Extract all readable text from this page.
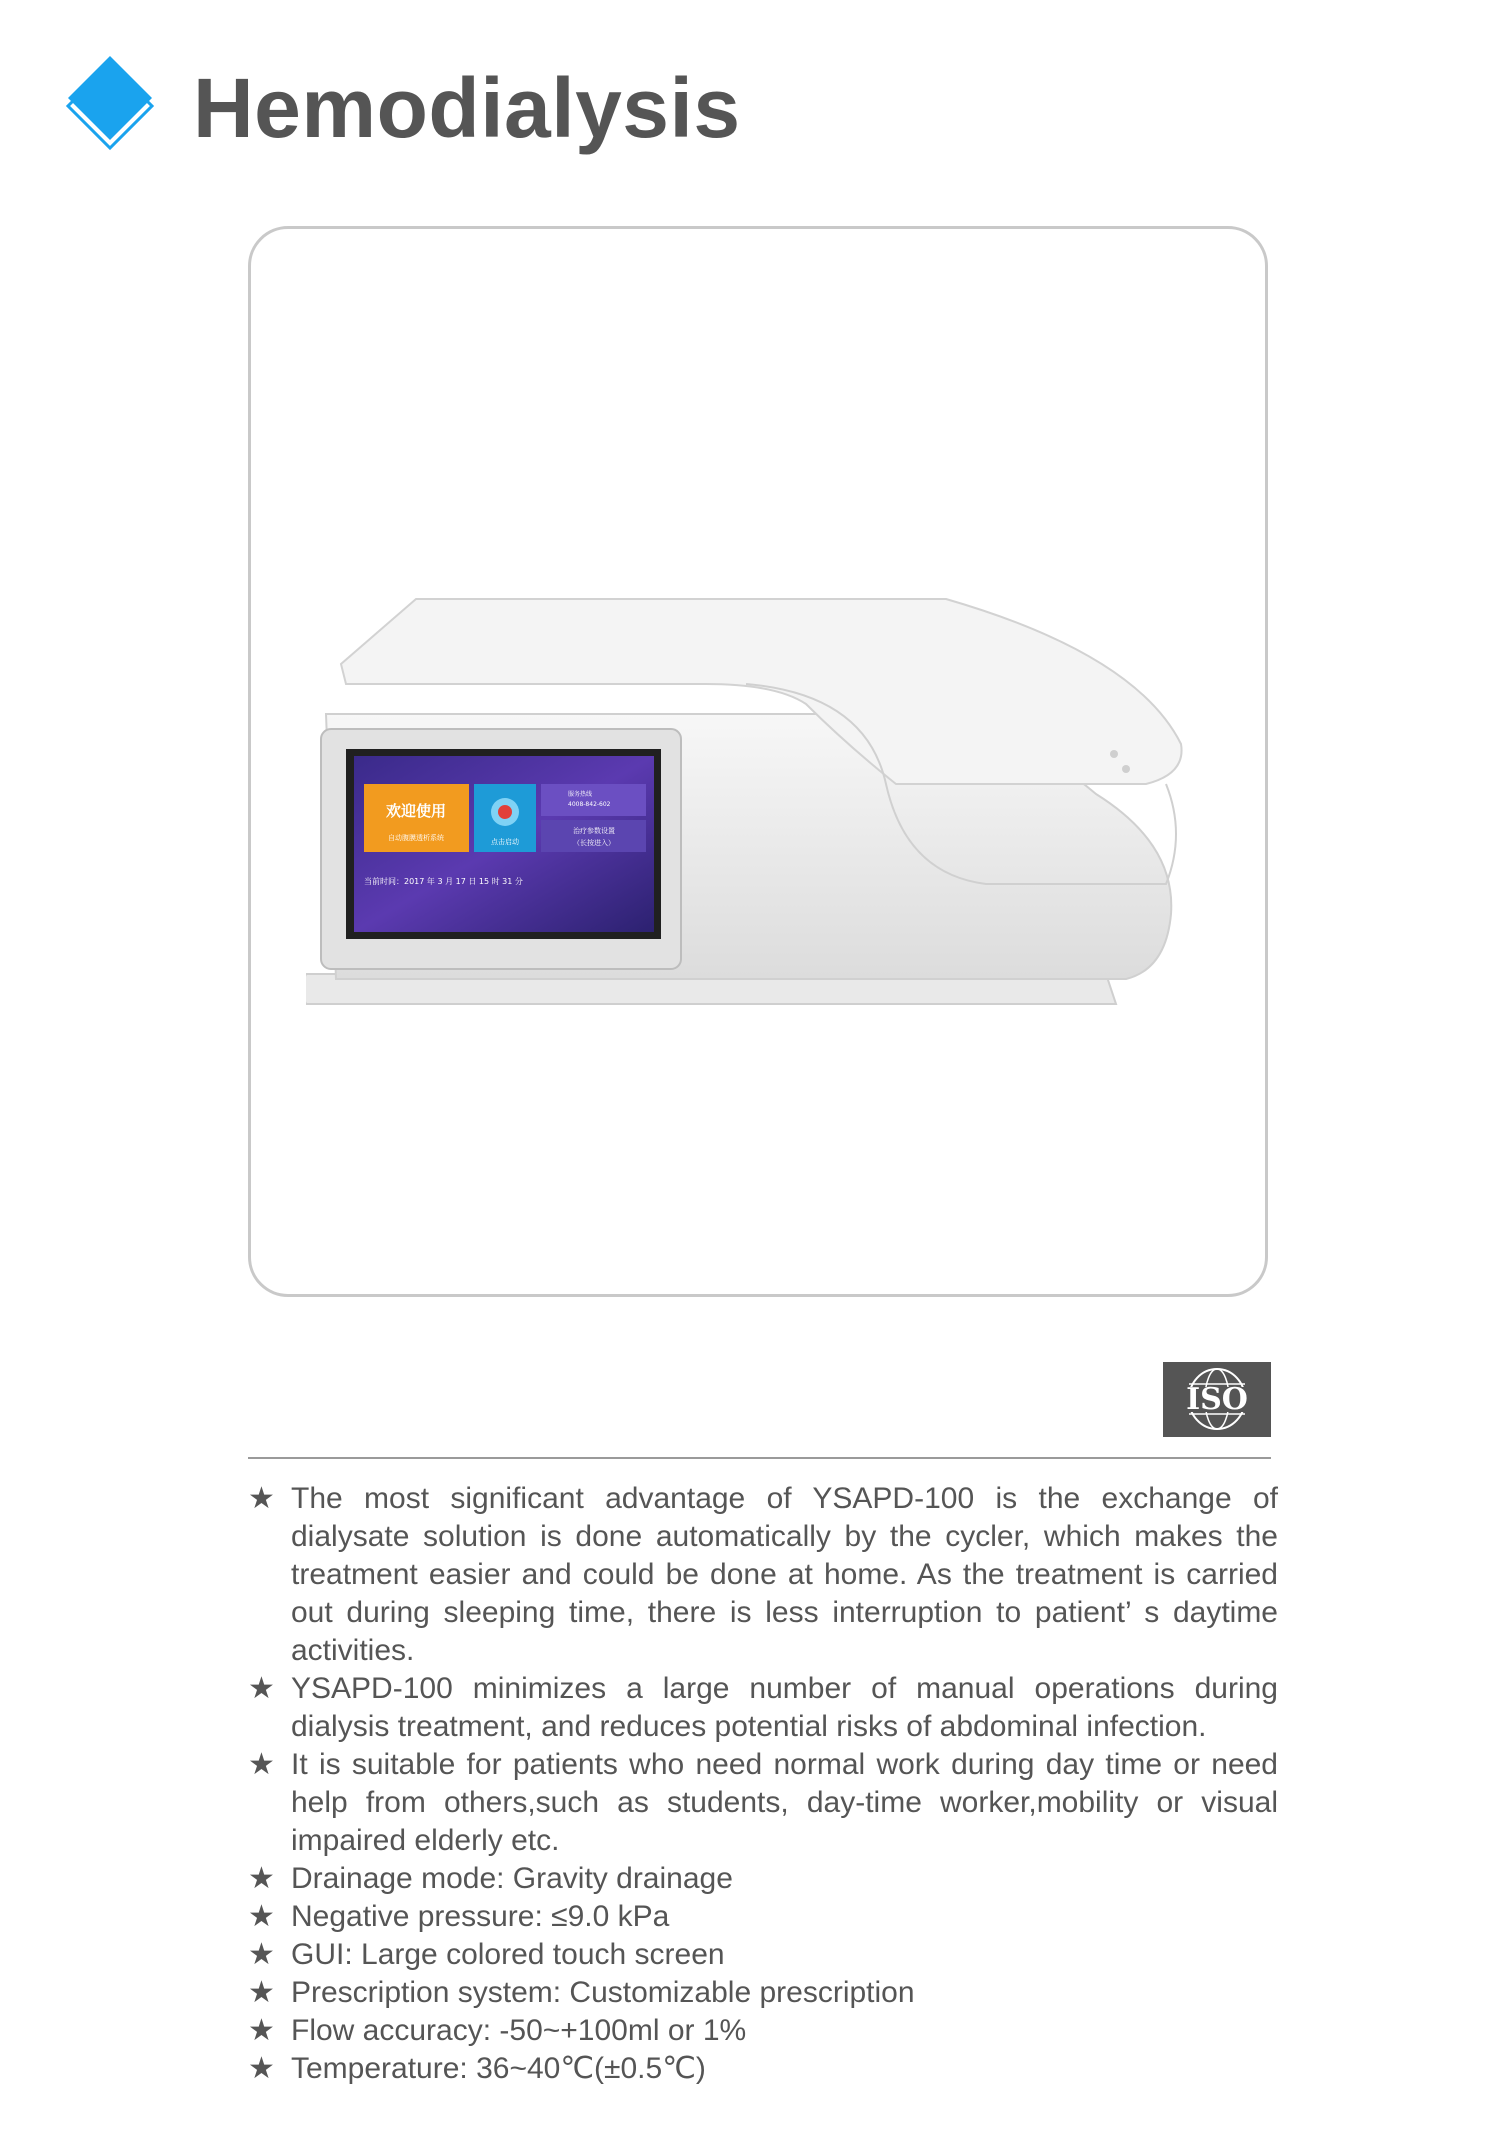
Hemodialysis
欢迎使用
自动腹膜透析系统	点击启动
服务热线
4008-842-602
治疗参数设置
（长按进入）
当前时间：2017 年 3 月 17 日 15 时 31 分
ISO
★ The most significant advantage of YSAPD-100 is the exchange of dialysate solution is done automatically by the cycler, which makes the treatment easier and could be done at home. As the treatment is carried out during sleeping time, there is less interruption to patient’ s daytime activities.
★ YSAPD-100 minimizes a large number of manual operations during dialysis treatment, and reduces potential risks of abdominal infection.
★ It is suitable for patients who need normal work during day time or need help from others,such as students, day-time worker,mobility or visual impaired elderly etc.
★ Drainage mode: Gravity drainage
★ Negative pressure: ≤9.0 kPa
★ GUI: Large colored touch screen
★ Prescription system: Customizable prescription
★ Flow accuracy: -50~+100ml or 1%
★ Temperature: 36~40℃(±0.5℃)
